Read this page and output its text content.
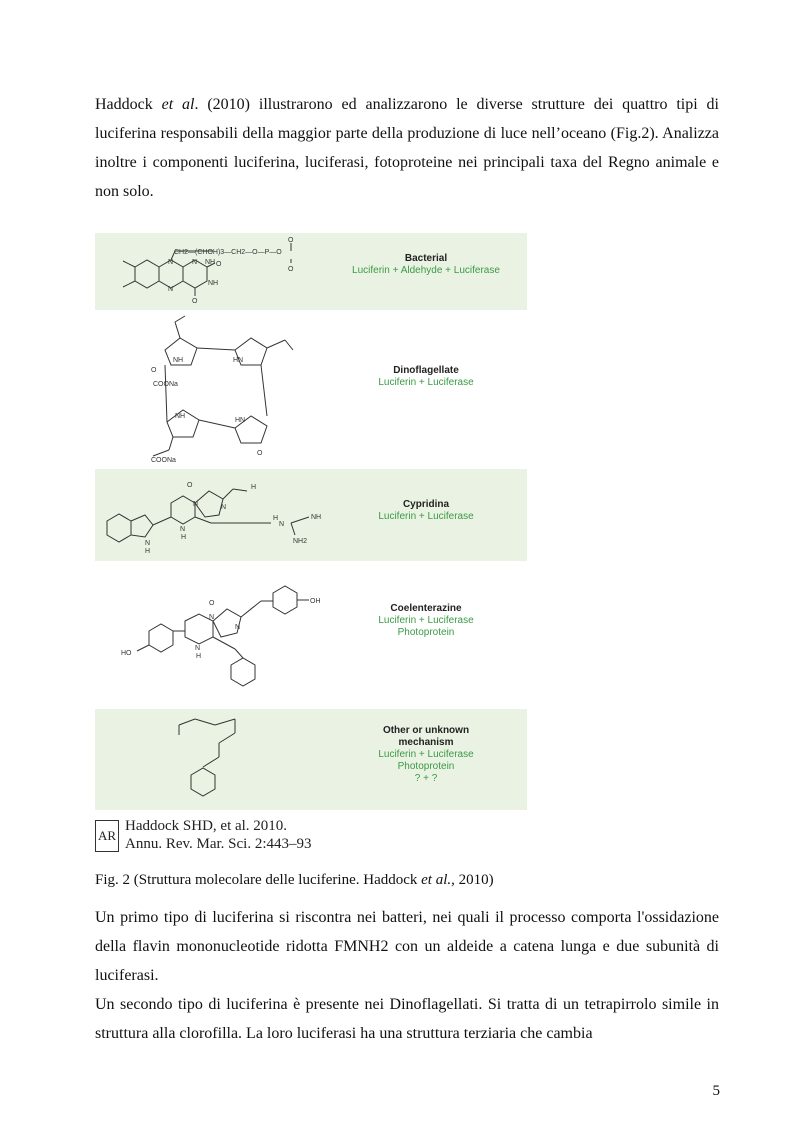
Haddock et al. (2010) illustrarono ed analizzarono le diverse strutture dei quattro tipi di luciferina responsabili della maggior parte della produzione di luce nell’oceano (Fig.2). Analizza inoltre i componenti luciferina, luciferasi, fotoproteine nei principali taxa del Regno animale e non solo.

CH2—(CHOH)3—CH2—O—P—O
O
O
N	N NH
N
NH
O
O
Bacterial
Luciferin + Aldehyde + Luciferase
NH	HN
NH
HN
O
O
COONa
COONa
Dinoflagellate
Luciferin + Luciferase
O
N	N
N
H
H
N
NH
NH2
H
N
H
Cypridina
Luciferin + Luciferase
O
N
N
N
H
OH
HO
Coelenterazine
Luciferin + Luciferase
Photoprotein
Other or unknown mechanism
Luciferin + Luciferase
Photoprotein
? + ?
AR
Haddock SHD, et al. 2010.
Annu. Rev. Mar. Sci. 2:443–93
Fig. 2 (Struttura molecolare delle luciferine. Haddock et al., 2010)

Un primo tipo di luciferina si riscontra nei batteri, nei quali il processo comporta l'ossidazione della flavin mononucleotide ridotta FMNH2 con un aldeide a catena lunga e due subunità di luciferasi.

Un secondo tipo di luciferina è presente nei Dinoflagellati. Si tratta di un tetrapirrolo simile in struttura alla clorofilla. La loro luciferasi ha una struttura terziaria che cambia

5
